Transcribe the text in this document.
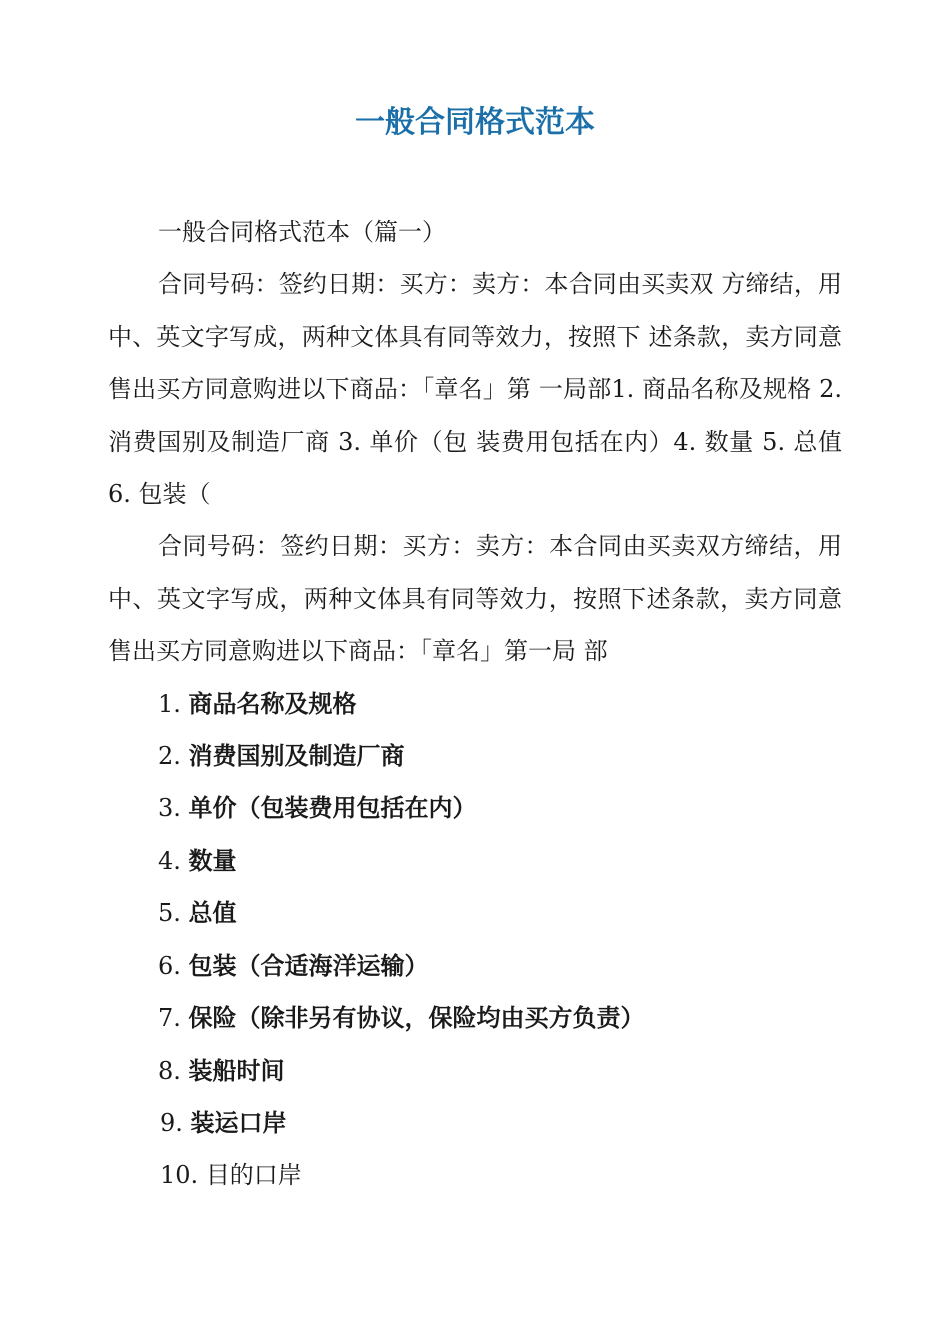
一般合同格式范本

一般合同格式范本（篇一）

合同号码：签约日期：买方：卖方：本合同由买卖双 方缔结，用中、英文字写成，两种文体具有同等效力，按照下 述条款，卖方同意售出买方同意购进以下商品：「章名」第 一局部1. 商品名称及规格 2. 消费国别及制造厂商 3. 单价（包 装费用包括在内）4. 数量 5. 总值 6. 包装（

合同号码：签约日期：买方：卖方：本合同由买卖双方缔结，用中、英文字写成，两种文体具有同等效力，按照下述条款，卖方同意售出买方同意购进以下商品：「章名」第一局 部

1. 商品名称及规格
2. 消费国别及制造厂商
3. 单价（包装费用包括在内）
4. 数量
5. 总值
6. 包装（合适海洋运输）
7. 保险（除非另有协议，保险均由买方负责）
8. 装船时间
9. 装运口岸
10. 目的口岸
